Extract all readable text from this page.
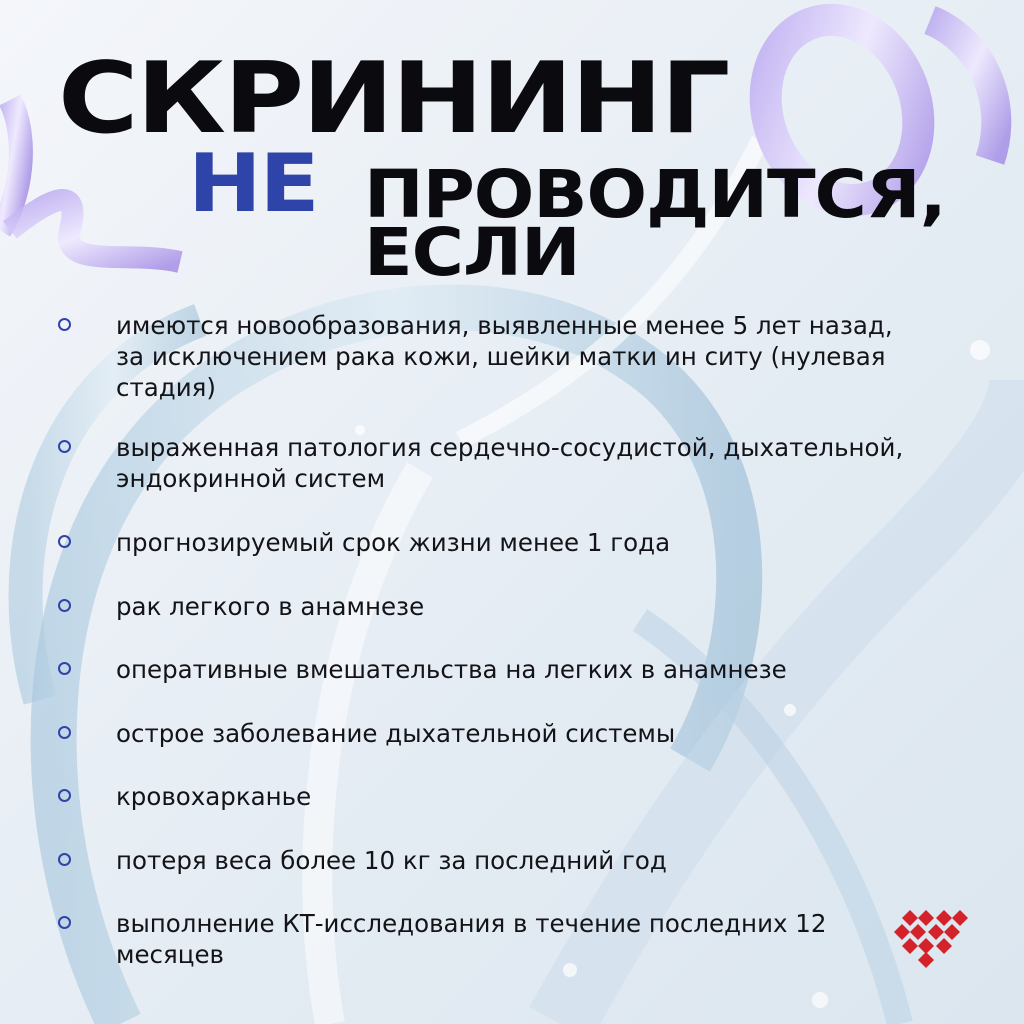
СКРИНИНГ
НЕ ПРОВОДИТСЯ,
ЕСЛИ
имеются новообразования, выявленные менее 5 лет назад, за исключением рака кожи, шейки матки ин ситу (нулевая стадия)
выраженная патология сердечно-сосудистой, дыхательной, эндокринной систем
прогнозируемый срок жизни менее 1 года
рак легкого в анамнезе
оперативные вмешательства на легких в анамнезе
острое заболевание дыхательной системы
кровохарканье
потеря веса более 10 кг за последний год
выполнение КТ-исследования в течение последних 12 месяцев
